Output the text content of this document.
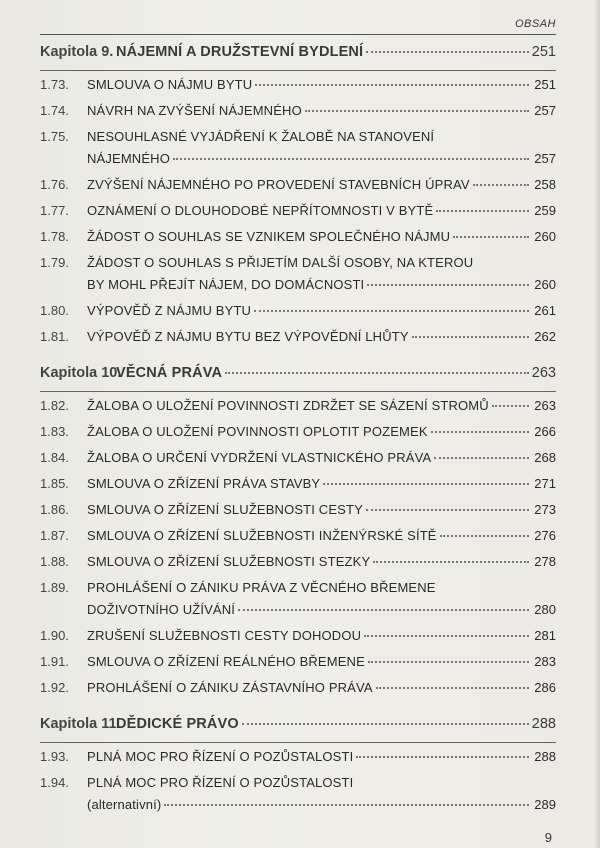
OBSAH
Kapitola 9. NÁJEMNÍ A DRUŽSTEVNÍ BYDLENÍ	251
1.73.	SMLOUVA O NÁJMU BYTU	251
1.74.	NÁVRH NA ZVÝŠENÍ NÁJEMNÉHO	257
1.75.	NESOUHLASNÉ VYJÁDŘENÍ K ŽALOBĚ NA STANOVENÍ
NÁJEMNÉHO	257
1.76.	ZVÝŠENÍ NÁJEMNÉHO PO PROVEDENÍ STAVEBNÍCH ÚPRAV	258
1.77.	OZNÁMENÍ O DLOUHODOBÉ NEPŘÍTOMNOSTI V BYTĚ	259
1.78.	ŽÁDOST O SOUHLAS SE VZNIKEM SPOLEČNÉHO NÁJMU	260
1.79.	ŽÁDOST O SOUHLAS S PŘIJETÍM DALŠÍ OSOBY, NA KTEROU
BY MOHL PŘEJÍT NÁJEM, DO DOMÁCNOSTI	260
1.80.	VÝPOVĚĎ Z NÁJMU BYTU	261
1.81.	VÝPOVĚĎ Z NÁJMU BYTU BEZ VÝPOVĚDNÍ LHŮTY	262
Kapitola 10.
VĚCNÁ PRÁVA	263
1.82.	ŽALOBA O ULOŽENÍ POVINNOSTI ZDRŽET SE SÁZENÍ STROMŮ	263
1.83.	ŽALOBA O ULOŽENÍ POVINNOSTI OPLOTIT POZEMEK	266
1.84.	ŽALOBA O URČENÍ VYDRŽENÍ VLASTNICKÉHO PRÁVA	268
1.85.	SMLOUVA O ZŘÍZENÍ PRÁVA STAVBY	271
1.86.	SMLOUVA O ZŘÍZENÍ SLUŽEBNOSTI CESTY	273
1.87.	SMLOUVA O ZŘÍZENÍ SLUŽEBNOSTI INŽENÝRSKÉ SÍTĚ	276
1.88.	SMLOUVA O ZŘÍZENÍ SLUŽEBNOSTI STEZKY	278
1.89.	PROHLÁŠENÍ O ZÁNIKU PRÁVA Z VĚCNÉHO BŘEMENE
DOŽIVOTNÍHO UŽÍVÁNÍ	280
1.90.	ZRUŠENÍ SLUŽEBNOSTI CESTY DOHODOU	281
1.91.	SMLOUVA O ZŘÍZENÍ REÁLNÉHO BŘEMENE	283
1.92.	PROHLÁŠENÍ O ZÁNIKU ZÁSTAVNÍHO PRÁVA	286
Kapitola 11.
DĚDICKÉ PRÁVO	288
1.93.	PLNÁ MOC PRO ŘÍZENÍ O POZŮSTALOSTI	288
1.94.	PLNÁ MOC PRO ŘÍZENÍ O POZŮSTALOSTI
(alternativní)	289
9
